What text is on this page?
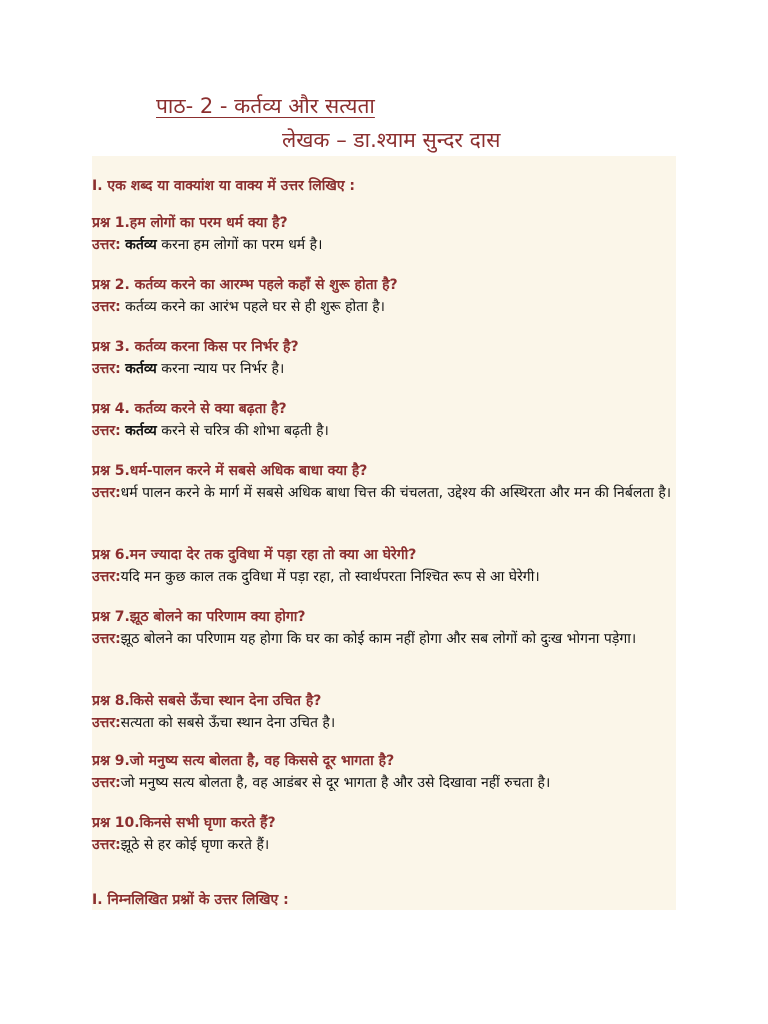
पाठ- 2 - कर्तव्य और सत्यता
लेखक – डा.श्याम सुन्दर दास

I. एक शब्द या वाक्यांश या वाक्य में उत्तर लिखिए :

प्रश्न 1.हम लोगों का परम धर्म क्या है?

उत्तर: कर्तव्य करना हम लोगों का परम धर्म है।

प्रश्न 2. कर्तव्य करने का आरम्भ पहले कहाँ से शुरू होता है?

उत्तर: कर्तव्य करने का आरंभ पहले घर से ही शुरू होता है।

प्रश्न 3. कर्तव्य करना किस पर निर्भर है?

उत्तर: कर्तव्य करना न्याय पर निर्भर है।

प्रश्न 4. कर्तव्य करने से क्या बढ़ता है?

उत्तर: कर्तव्य करने से चरित्र की शोभा बढ़ती है।

प्रश्न 5.धर्म-पालन करने में सबसे अधिक बाधा क्या है?

उत्तर:धर्म पालन करने के मार्ग में सबसे अधिक बाधा चित्त की चंचलता, उद्देश्य की अस्थिरता और मन की निर्बलता है।

प्रश्न 6.मन ज्यादा देर तक दुविधा में पड़ा रहा तो क्या आ घेरेगी?

उत्तर:यदि मन कुछ काल तक दुविधा में पड़ा रहा, तो स्वार्थपरता निश्चित रूप से आ घेरेगी।

प्रश्न 7.झूठ बोलने का परिणाम क्या होगा?

उत्तर:झूठ बोलने का परिणाम यह होगा कि घर का कोई काम नहीं होगा और सब लोगों को दुःख भोगना पड़ेगा।

प्रश्न 8.किसे सबसे ऊँचा स्थान देना उचित है?

उत्तर:सत्यता को सबसे ऊँचा स्थान देना उचित है।

प्रश्न 9.जो मनुष्य सत्य बोलता है, वह किससे दूर भागता है?

उत्तर:जो मनुष्य सत्य बोलता है, वह आडंबर से दूर भागता है और उसे दिखावा नहीं रुचता है।

प्रश्न 10.किनसे सभी घृणा करते हैं?

उत्तर:झूठे से हर कोई घृणा करते हैं।

I. निम्नलिखित प्रश्नों के उत्तर लिखिए :
